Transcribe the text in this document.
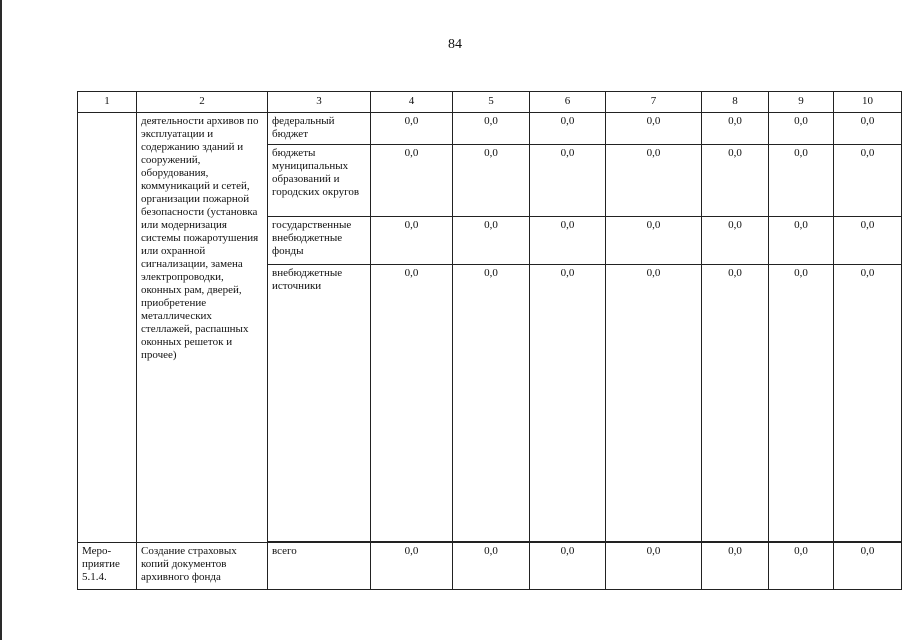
84
1	2	3	4	5	6	7	8	9	10
	деятельности архивов по эксплуатации и содержанию зданий и сооружений, оборудования, коммуникаций и сетей, организации пожарной безопасности (установка или модернизация системы пожаротушения или охранной сигнализации, замена электропроводки, оконных рам, дверей, приобретение металлических стеллажей, распашных оконных решеток и прочее)	федеральный бюджет	0,0	0,0	0,0	0,0	0,0	0,0	0,0
		бюджеты муниципальных образований и городских округов	0,0	0,0	0,0	0,0	0,0	0,0	0,0
		государственные внебюджетные фонды	0,0	0,0	0,0	0,0	0,0	0,0	0,0
		внебюджетные источники	0,0	0,0	0,0	0,0	0,0	0,0	0,0

Меро-приятие 5.1.4.	Создание страховых копий документов архивного фонда	всего	0,0	0,0	0,0	0,0	0,0	0,0	0,0
